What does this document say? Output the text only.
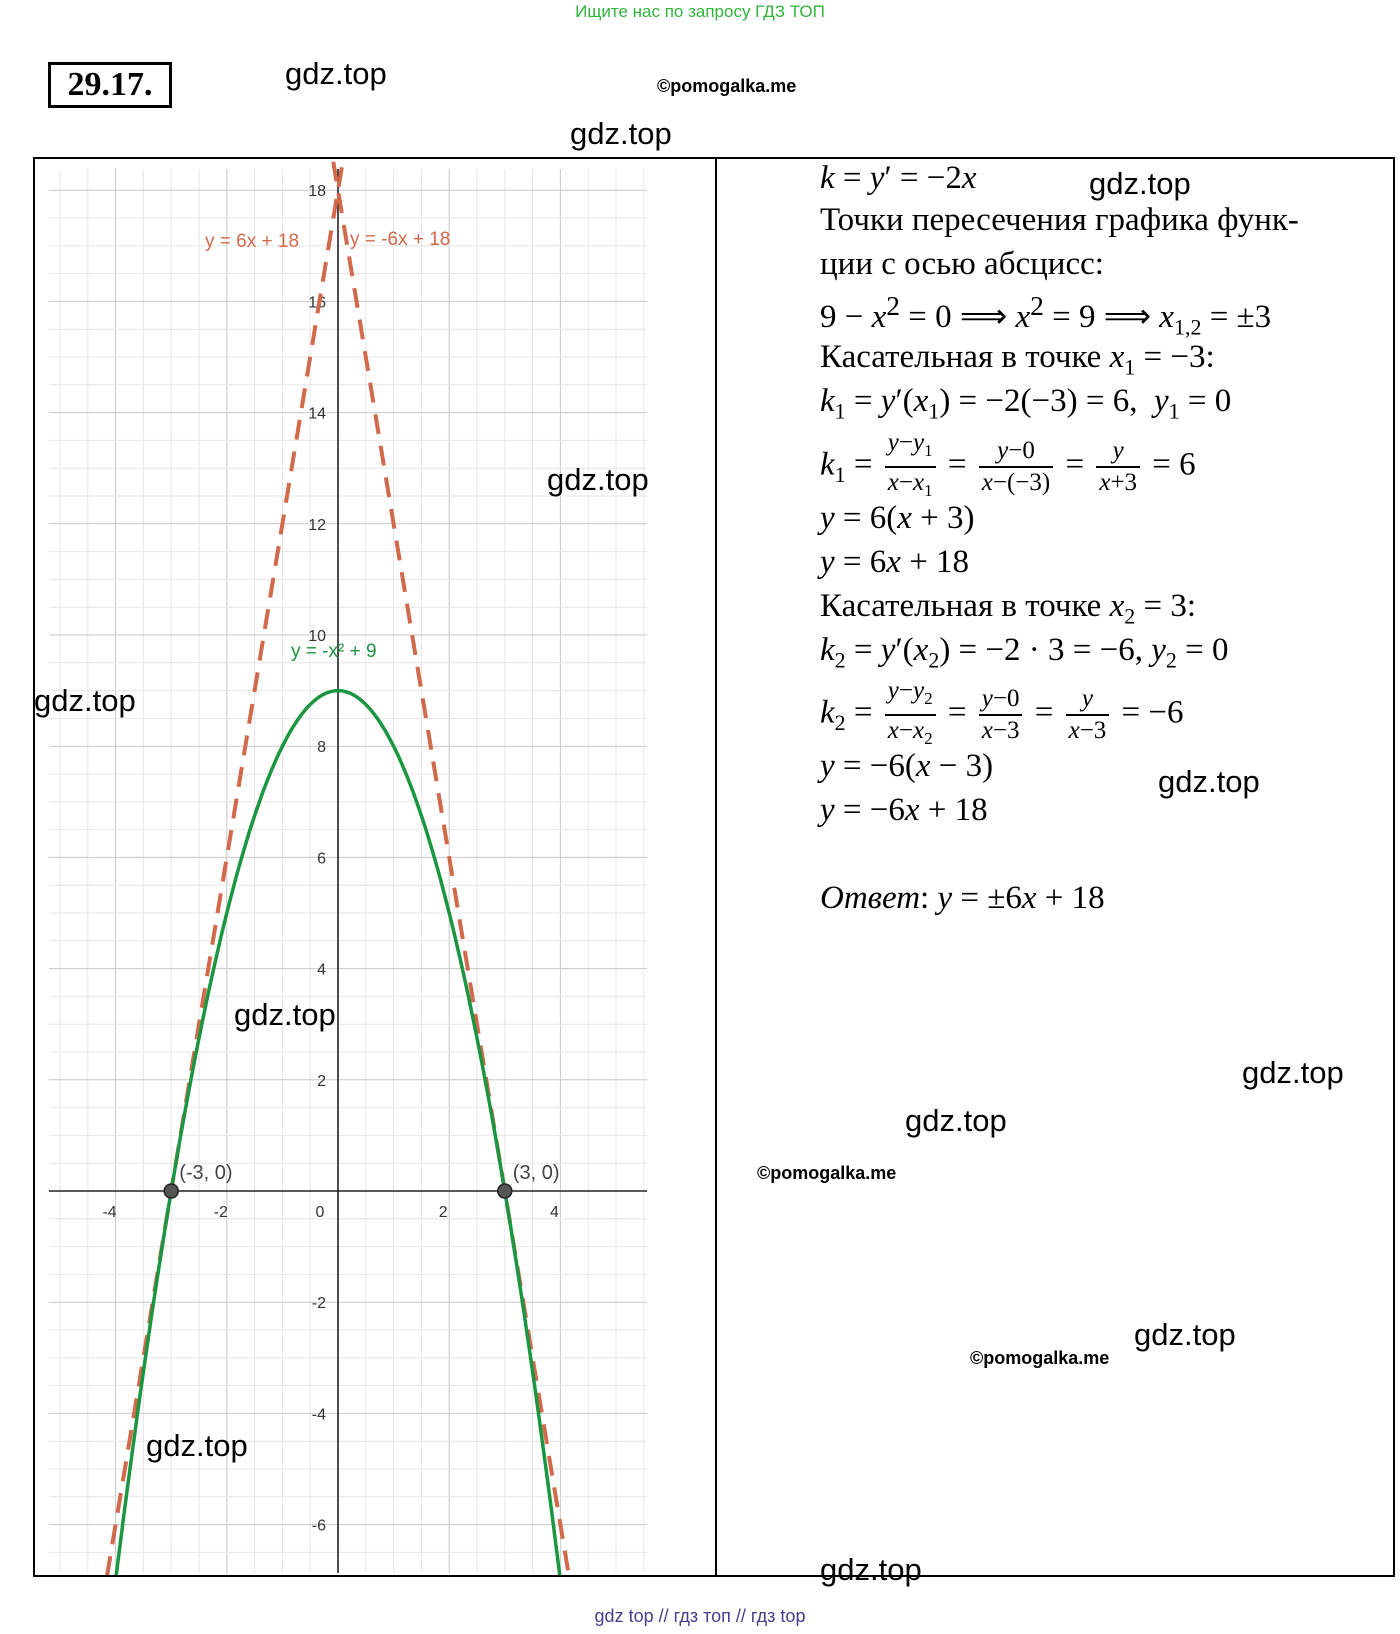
Ищите нас по запросу ГДЗ ТОП
29.17.	gdz.top	©pomogalka.me
gdz.top
-4	-2	0	2	4
-6
-4
-2
2
4
6
8
10
12
14
16
18
(-3, 0)	(3, 0)
y = 6x + 18	y = -6x + 18
y = -x² + 9
k = y′ = −2x
Точки пересечения графика функ-
ции с осью абсцисс:
$9 - x^2 = 0$ ⟹ $x^2 = 9$ ⟹ $x_{1,2} = \pm 3$
Касательная в точке $x_1 = -3$:
$k_1 = y'(x_1) = -2(-3) = 6$,  $y_1 = 0$
$k_1 = \frac{y-y_1}{x-x_1} = \frac{y-0}{x-(-3)} = \frac{y}{x+3} = 6$
y = 6(x + 3)
y = 6x + 18
Касательная в точке $x_2 = 3$:
$k_2 = y'(x_2) = -2 \cdot 3 = -6$, $y_2 = 0$
$k_2 = \frac{y-y_2}{x-x_2} = \frac{y-0}{x-3} = \frac{y}{x-3} = -6$
y = −6(x − 3)
y = −6x + 18
Ответ: y = ±6x + 18
gdz.top
gdz.top
gdz.top
gdz.top
gdz.top
gdz.top
gdz.top
©pomogalka.me
gdz.top
©pomogalka.me
gdz.top
gdz.top
gdz top // гдз топ // гдз top
